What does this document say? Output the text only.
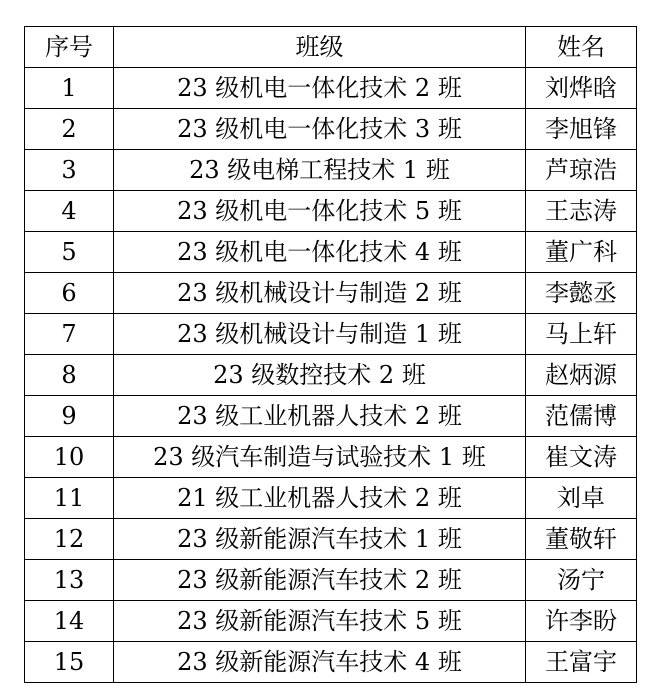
序号	班级	姓名
1	23 级机电一体化技术 2 班	刘烨晗
2	23 级机电一体化技术 3 班	李旭锋
3	23 级电梯工程技术 1 班	芦琼浩
4	23 级机电一体化技术 5 班	王志涛
5	23 级机电一体化技术 4 班	董广科
6	23 级机械设计与制造 2 班	李懿丞
7	23 级机械设计与制造 1 班	马上轩
8	23 级数控技术 2 班	赵炳源
9	23 级工业机器人技术 2 班	范儒博
10	23 级汽车制造与试验技术 1 班	崔文涛
11	21 级工业机器人技术 2 班	刘卓
12	23 级新能源汽车技术 1 班	董敬轩
13	23 级新能源汽车技术 2 班	汤宁
14	23 级新能源汽车技术 5 班	许李盼
15	23 级新能源汽车技术 4 班	王富宇
